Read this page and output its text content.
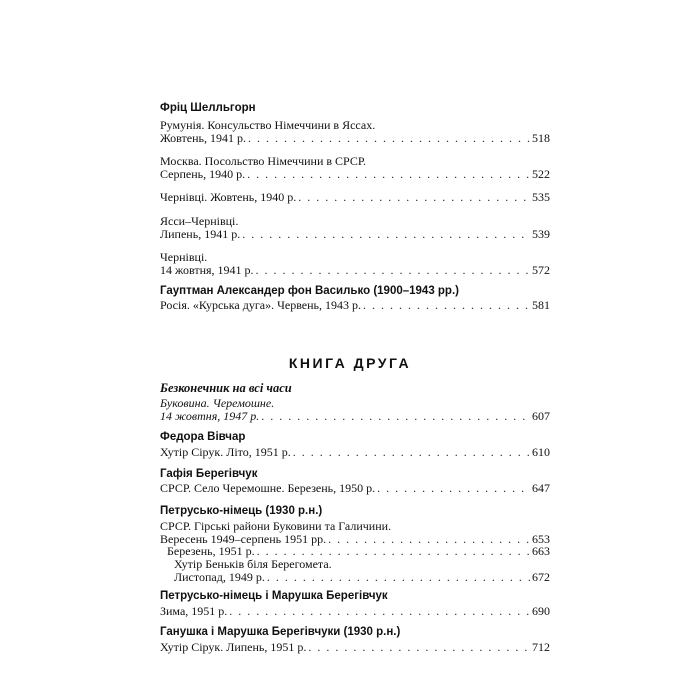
Фріц Шелльгорн
Румунія. Консульство Німеччини в Яссах.
Жовтень, 1941 р. . . .	518
Москва. Посольство Німеччини в СРСР.
Серпень, 1940 р. . . .	522
Чернівці. Жовтень, 1940 р. . . .	535
Ясси–Чернівці.
Липень, 1941 р. . . .	539
Чернівці.
14 жовтня, 1941 р. . . .	572
Гауптман Александер фон Василько (1900–1943 рр.)
Росія. «Курська дуга». Червень, 1943 р. . . .	581
КНИГА ДРУГА
Безконечник на всі часи
Буковина. Черемошне.
14 жовтня, 1947 р. . . .	607
Федора Вівчар
Хутір Сірук. Літо, 1951 р. . . .	610
Гафія Берегівчук
СРСР. Село Черемошне. Березень, 1950 р. . . .	647
Петрусько-німець (1930 р.н.)
СРСР. Гірські райони Буковини та Галичини.
Вересень 1949–серпень 1951 рр. . . .	653
Березень, 1951 р. . . .	663
Хутір Беньків біля Берегомета.
Листопад, 1949 р. . . .	672
Петрусько-німець і Марушка Берегівчук
Зима, 1951 р. . . .	690
Ганушка і Марушка Берегівчуки (1930 р.н.)
Хутір Сірук. Липень, 1951 р. . . .	712
